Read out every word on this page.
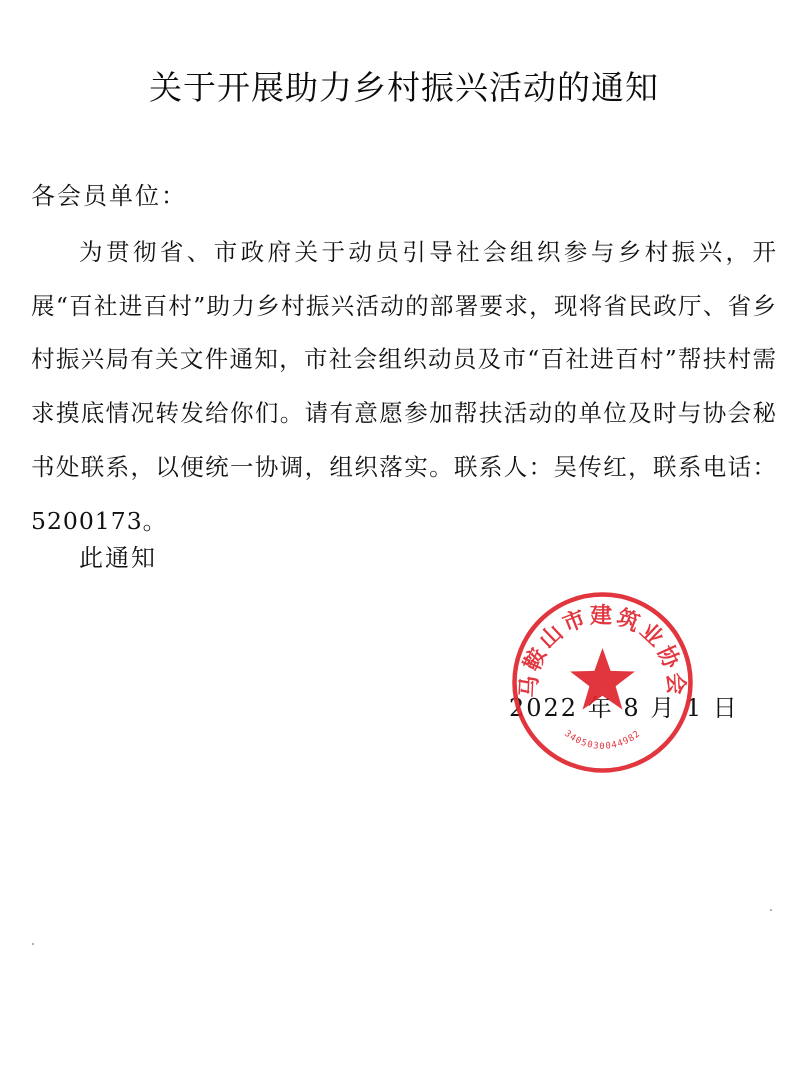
关于开展助力乡村振兴活动的通知

各会员单位：

为贯彻省、市政府关于动员引导社会组织参与乡村振兴，开展“百社进百村”助力乡村振兴活动的部署要求，现将省民政厅、省乡村振兴局有关文件通知，市社会组织动员及市“百社进百村”帮扶村需求摸底情况转发给你们。请有意愿参加帮扶活动的单位及时与协会秘书处联系，以便统一协调，组织落实。联系人：吴传红，联系电话：5200173。

此通知

2022 年 8 月 1 日

马鞍山市建筑业协会
3405030044982
